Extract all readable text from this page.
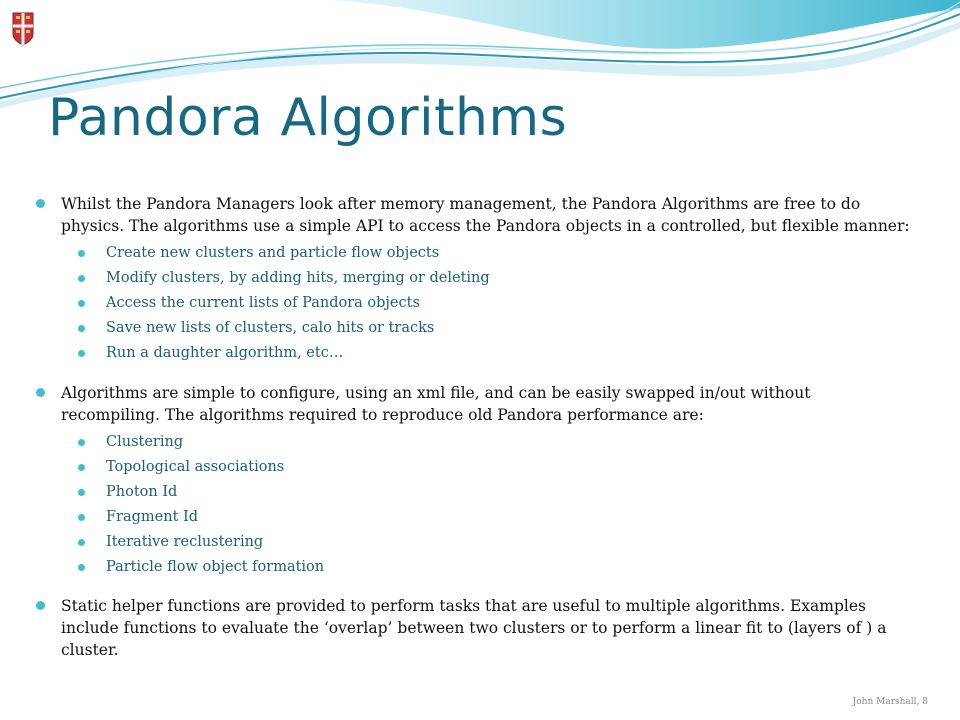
Pandora Algorithms
Whilst the Pandora Managers look after memory management, the Pandora Algorithms are free to do physics. The algorithms use a simple API to access the Pandora objects in a controlled, but flexible manner:
Create new clusters and particle flow objects
Modify clusters, by adding hits, merging or deleting
Access the current lists of Pandora objects
Save new lists of clusters, calo hits or tracks
Run a daughter algorithm, etc…
Algorithms are simple to configure, using an xml file, and can be easily swapped in/out without recompiling. The algorithms required to reproduce old Pandora performance are:
Clustering
Topological associations
Photon Id
Fragment Id
Iterative reclustering
Particle flow object formation
Static helper functions are provided to perform tasks that are useful to multiple algorithms. Examples include functions to evaluate the ‘overlap’ between two clusters or to perform a linear fit to (layers of ) a cluster.
John Marshall, 8
